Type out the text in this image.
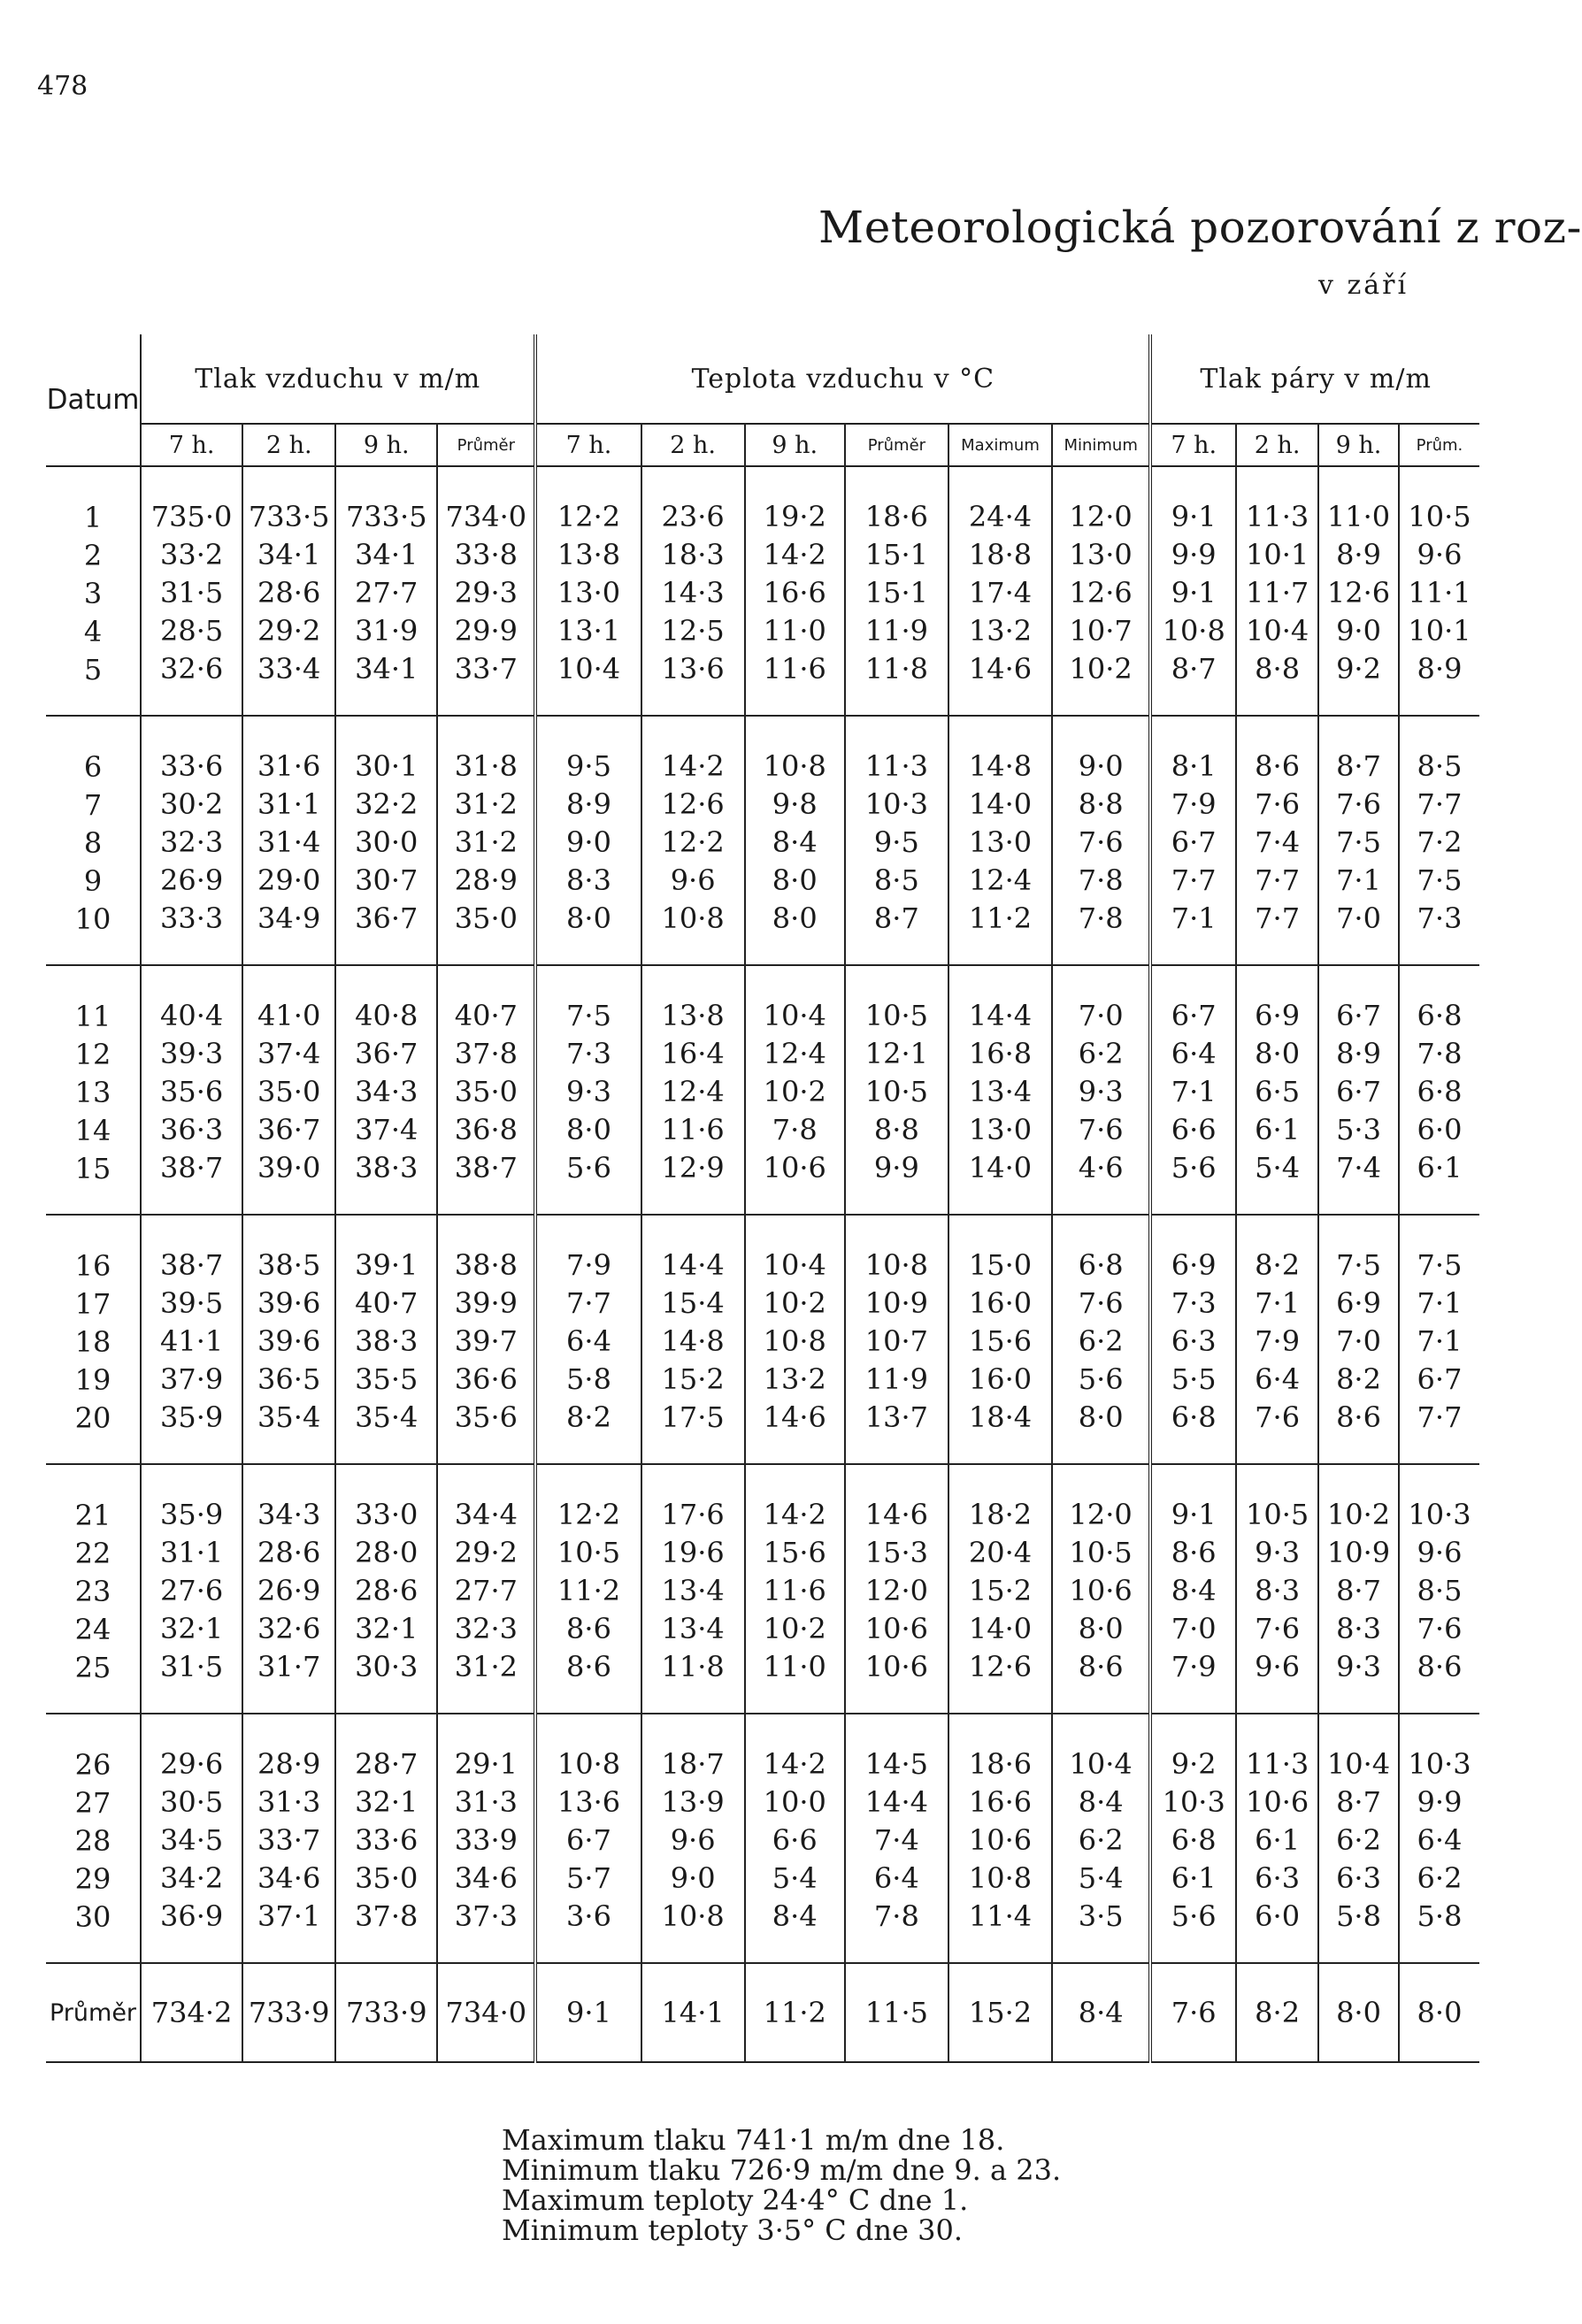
478
Meteorologická pozorování z roz-
v září
Datum	Tlak vzduchu v m/m				Teplota vzduchu v °C						Tlak páry v m/m			
	7 h.	2 h.	9 h.	Průměr	7 h.	2 h.	9 h.	Průměr	Maximum	Minimum	7 h.	2 h.	9 h.	Prům.

1	735·0	733·5	733·5	734·0	12·2	23·6	19·2	18·6	24·4	12·0	9·1	11·3	11·0	10·5
2	33·2	34·1	34·1	33·8	13·8	18·3	14·2	15·1	18·8	13·0	9·9	10·1	8·9	9·6
3	31·5	28·6	27·7	29·3	13·0	14·3	16·6	15·1	17·4	12·6	9·1	11·7	12·6	11·1
4	28·5	29·2	31·9	29·9	13·1	12·5	11·0	11·9	13·2	10·7	10·8	10·4	9·0	10·1
5	32·6	33·4	34·1	33·7	10·4	13·6	11·6	11·8	14·6	10·2	8·7	8·8	9·2	8·9

6	33·6	31·6	30·1	31·8	9·5	14·2	10·8	11·3	14·8	9·0	8·1	8·6	8·7	8·5
7	30·2	31·1	32·2	31·2	8·9	12·6	9·8	10·3	14·0	8·8	7·9	7·6	7·6	7·7
8	32·3	31·4	30·0	31·2	9·0	12·2	8·4	9·5	13·0	7·6	6·7	7·4	7·5	7·2
9	26·9	29·0	30·7	28·9	8·3	9·6	8·0	8·5	12·4	7·8	7·7	7·7	7·1	7·5
10	33·3	34·9	36·7	35·0	8·0	10·8	8·0	8·7	11·2	7·8	7·1	7·7	7·0	7·3

11	40·4	41·0	40·8	40·7	7·5	13·8	10·4	10·5	14·4	7·0	6·7	6·9	6·7	6·8
12	39·3	37·4	36·7	37·8	7·3	16·4	12·4	12·1	16·8	6·2	6·4	8·0	8·9	7·8
13	35·6	35·0	34·3	35·0	9·3	12·4	10·2	10·5	13·4	9·3	7·1	6·5	6·7	6·8
14	36·3	36·7	37·4	36·8	8·0	11·6	7·8	8·8	13·0	7·6	6·6	6·1	5·3	6·0
15	38·7	39·0	38·3	38·7	5·6	12·9	10·6	9·9	14·0	4·6	5·6	5·4	7·4	6·1

16	38·7	38·5	39·1	38·8	7·9	14·4	10·4	10·8	15·0	6·8	6·9	8·2	7·5	7·5
17	39·5	39·6	40·7	39·9	7·7	15·4	10·2	10·9	16·0	7·6	7·3	7·1	6·9	7·1
18	41·1	39·6	38·3	39·7	6·4	14·8	10·8	10·7	15·6	6·2	6·3	7·9	7·0	7·1
19	37·9	36·5	35·5	36·6	5·8	15·2	13·2	11·9	16·0	5·6	5·5	6·4	8·2	6·7
20	35·9	35·4	35·4	35·6	8·2	17·5	14·6	13·7	18·4	8·0	6·8	7·6	8·6	7·7

21	35·9	34·3	33·0	34·4	12·2	17·6	14·2	14·6	18·2	12·0	9·1	10·5	10·2	10·3
22	31·1	28·6	28·0	29·2	10·5	19·6	15·6	15·3	20·4	10·5	8·6	9·3	10·9	9·6
23	27·6	26·9	28·6	27·7	11·2	13·4	11·6	12·0	15·2	10·6	8·4	8·3	8·7	8·5
24	32·1	32·6	32·1	32·3	8·6	13·4	10·2	10·6	14·0	8·0	7·0	7·6	8·3	7·6
25	31·5	31·7	30·3	31·2	8·6	11·8	11·0	10·6	12·6	8·6	7·9	9·6	9·3	8·6

26	29·6	28·9	28·7	29·1	10·8	18·7	14·2	14·5	18·6	10·4	9·2	11·3	10·4	10·3
27	30·5	31·3	32·1	31·3	13·6	13·9	10·0	14·4	16·6	8·4	10·3	10·6	8·7	9·9
28	34·5	33·7	33·6	33·9	6·7	9·6	6·6	7·4	10·6	6·2	6·8	6·1	6·2	6·4
29	34·2	34·6	35·0	34·6	5·7	9·0	5·4	6·4	10·8	5·4	6·1	6·3	6·3	6·2
30	36·9	37·1	37·8	37·3	3·6	10·8	8·4	7·8	11·4	3·5	5·6	6·0	5·8	5·8

Průměr	734·2	733·9	733·9	734·0	9·1	14·1	11·2	11·5	15·2	8·4	7·6	8·2	8·0	8·0
Maximum tlaku 741·1 m/m dne 18.
Minimum tlaku 726·9 m/m dne 9. a 23.
Maximum teploty 24·4° C dne 1.
Minimum teploty 3·5° C dne 30.
